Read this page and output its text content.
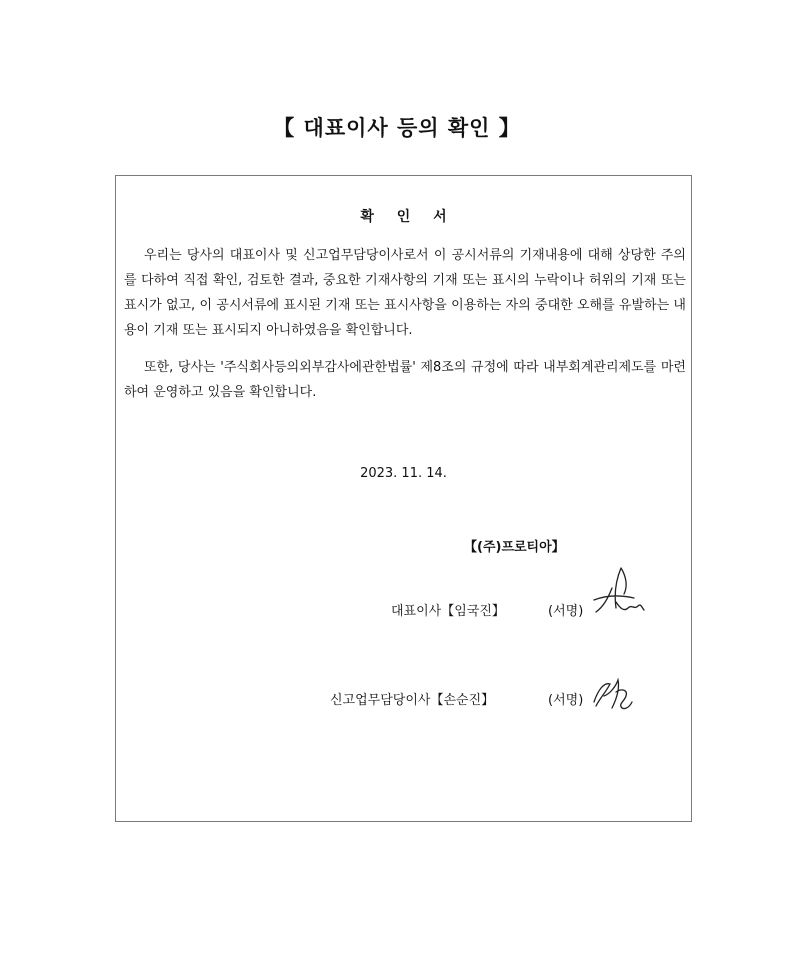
【 대표이사 등의 확인 】
확 인 서

우리는 당사의 대표이사 및 신고업무담당이사로서 이 공시서류의 기재내용에 대해 상당한 주의를 다하여 직접 확인, 검토한 결과, 중요한 기재사항의 기재 또는 표시의 누락이나 허위의 기재 또는 표시가 없고, 이 공시서류에 표시된 기재 또는 표시사항을 이용하는 자의 중대한 오해를 유발하는 내용이 기재 또는 표시되지 아니하였음을 확인합니다.

또한, 당사는 '주식회사등의외부감사에관한법률' 제8조의 규정에 따라 내부회계관리제도를 마련하여 운영하고 있음을 확인합니다.

2023. 11. 14.
【(주)프로티아】
대표이사【임국진】	(서명)
신고업무담당이사【손순진】	(서명)
